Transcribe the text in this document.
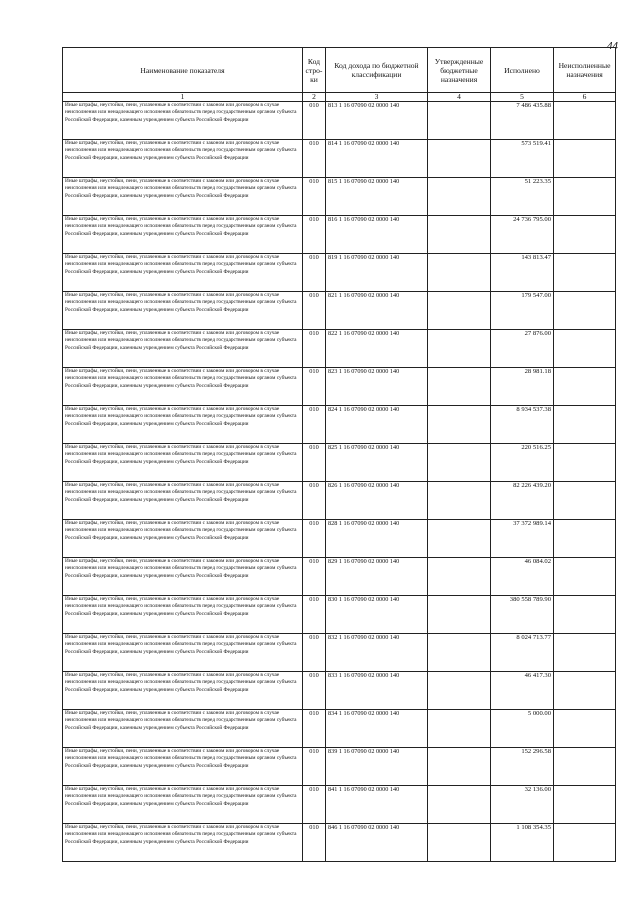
44
Наименование показателя	Код стро-ки	Код дохода по бюджетной классификации	Утвержденные бюджетные назначения	Исполнено	Неисполненные назначения
1	2	3	4	5	6
Иные штрафы, неустойки, пени, уплаченные в соответствии с законом или договором в случае неисполнения или ненадлежащего исполнения обязательств перед государственным органом субъекта Российской Федерации, казенным учреждением субъекта Российской Федерации	010	813 1 16 07090 02 0000 140		7 486 435.88	
Иные штрафы, неустойки, пени, уплаченные в соответствии с законом или договором в случае неисполнения или ненадлежащего исполнения обязательств перед государственным органом субъекта Российской Федерации, казенным учреждением субъекта Российской Федерации	010	814 1 16 07090 02 0000 140		573 519.41	
Иные штрафы, неустойки, пени, уплаченные в соответствии с законом или договором в случае неисполнения или ненадлежащего исполнения обязательств перед государственным органом субъекта Российской Федерации, казенным учреждением субъекта Российской Федерации	010	815 1 16 07090 02 0000 140		51 223.35	
Иные штрафы, неустойки, пени, уплаченные в соответствии с законом или договором в случае неисполнения или ненадлежащего исполнения обязательств перед государственным органом субъекта Российской Федерации, казенным учреждением субъекта Российской Федерации	010	816 1 16 07090 02 0000 140		24 736 795.00	
Иные штрафы, неустойки, пени, уплаченные в соответствии с законом или договором в случае неисполнения или ненадлежащего исполнения обязательств перед государственным органом субъекта Российской Федерации, казенным учреждением субъекта Российской Федерации	010	819 1 16 07090 02 0000 140		143 813.47	
Иные штрафы, неустойки, пени, уплаченные в соответствии с законом или договором в случае неисполнения или ненадлежащего исполнения обязательств перед государственным органом субъекта Российской Федерации, казенным учреждением субъекта Российской Федерации	010	821 1 16 07090 02 0000 140		179 547.00	
Иные штрафы, неустойки, пени, уплаченные в соответствии с законом или договором в случае неисполнения или ненадлежащего исполнения обязательств перед государственным органом субъекта Российской Федерации, казенным учреждением субъекта Российской Федерации	010	822 1 16 07090 02 0000 140		27 876.00	
Иные штрафы, неустойки, пени, уплаченные в соответствии с законом или договором в случае неисполнения или ненадлежащего исполнения обязательств перед государственным органом субъекта Российской Федерации, казенным учреждением субъекта Российской Федерации	010	823 1 16 07090 02 0000 140		28 981.18	
Иные штрафы, неустойки, пени, уплаченные в соответствии с законом или договором в случае неисполнения или ненадлежащего исполнения обязательств перед государственным органом субъекта Российской Федерации, казенным учреждением субъекта Российской Федерации	010	824 1 16 07090 02 0000 140		8 934 537.38	
Иные штрафы, неустойки, пени, уплаченные в соответствии с законом или договором в случае неисполнения или ненадлежащего исполнения обязательств перед государственным органом субъекта Российской Федерации, казенным учреждением субъекта Российской Федерации	010	825 1 16 07090 02 0000 140		220 516.25	
Иные штрафы, неустойки, пени, уплаченные в соответствии с законом или договором в случае неисполнения или ненадлежащего исполнения обязательств перед государственным органом субъекта Российской Федерации, казенным учреждением субъекта Российской Федерации	010	826 1 16 07090 02 0000 140		82 226 439.20	
Иные штрафы, неустойки, пени, уплаченные в соответствии с законом или договором в случае неисполнения или ненадлежащего исполнения обязательств перед государственным органом субъекта Российской Федерации, казенным учреждением субъекта Российской Федерации	010	828 1 16 07090 02 0000 140		37 372 989.14	
Иные штрафы, неустойки, пени, уплаченные в соответствии с законом или договором в случае неисполнения или ненадлежащего исполнения обязательств перед государственным органом субъекта Российской Федерации, казенным учреждением субъекта Российской Федерации	010	829 1 16 07090 02 0000 140		46 084.02	
Иные штрафы, неустойки, пени, уплаченные в соответствии с законом или договором в случае неисполнения или ненадлежащего исполнения обязательств перед государственным органом субъекта Российской Федерации, казенным учреждением субъекта Российской Федерации	010	830 1 16 07090 02 0000 140		380 558 789.90	
Иные штрафы, неустойки, пени, уплаченные в соответствии с законом или договором в случае неисполнения или ненадлежащего исполнения обязательств перед государственным органом субъекта Российской Федерации, казенным учреждением субъекта Российской Федерации	010	832 1 16 07090 02 0000 140		8 024 713.77	
Иные штрафы, неустойки, пени, уплаченные в соответствии с законом или договором в случае неисполнения или ненадлежащего исполнения обязательств перед государственным органом субъекта Российской Федерации, казенным учреждением субъекта Российской Федерации	010	833 1 16 07090 02 0000 140		46 417.30	
Иные штрафы, неустойки, пени, уплаченные в соответствии с законом или договором в случае неисполнения или ненадлежащего исполнения обязательств перед государственным органом субъекта Российской Федерации, казенным учреждением субъекта Российской Федерации	010	834 1 16 07090 02 0000 140		5 000.00	
Иные штрафы, неустойки, пени, уплаченные в соответствии с законом или договором в случае неисполнения или ненадлежащего исполнения обязательств перед государственным органом субъекта Российской Федерации, казенным учреждением субъекта Российской Федерации	010	839 1 16 07090 02 0000 140		152 296.58	
Иные штрафы, неустойки, пени, уплаченные в соответствии с законом или договором в случае неисполнения или ненадлежащего исполнения обязательств перед государственным органом субъекта Российской Федерации, казенным учреждением субъекта Российской Федерации	010	841 1 16 07090 02 0000 140		32 136.00	
Иные штрафы, неустойки, пени, уплаченные в соответствии с законом или договором в случае неисполнения или ненадлежащего исполнения обязательств перед государственным органом субъекта Российской Федерации, казенным учреждением субъекта Российской Федерации	010	846 1 16 07090 02 0000 140		1 108 354.35	
